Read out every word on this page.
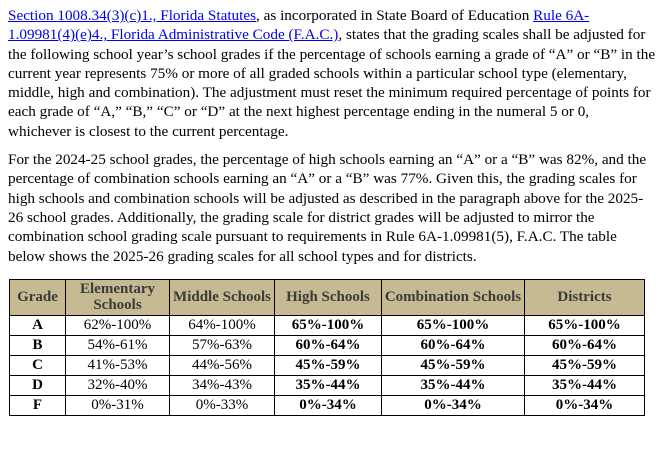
Section 1008.34(3)(c)1., Florida Statutes, as incorporated in State Board of Education Rule 6A-1.09981(4)(e)4., Florida Administrative Code (F.A.C.), states that the grading scales shall be adjusted for the following school year’s school grades if the percentage of schools earning a grade of “A” or “B” in the current year represents 75% or more of all graded schools within a particular school type (elementary, middle, high and combination). The adjustment must reset the minimum required percentage of points for each grade of “A,” “B,” “C” or “D” at the next highest percentage ending in the numeral 5 or 0, whichever is closest to the current percentage.

For the 2024-25 school grades, the percentage of high schools earning an “A” or a “B” was 82%, and the percentage of combination schools earning an “A” or a “B” was 77%. Given this, the grading scales for high schools and combination schools will be adjusted as described in the paragraph above for the 2025-26 school grades. Additionally, the grading scale for district grades will be adjusted to mirror the combination school grading scale pursuant to requirements in Rule 6A-1.09981(5), F.A.C. The table below shows the 2025-26 grading scales for all school types and for districts.

Grade	Elementary Schools	Middle Schools	High Schools	Combination Schools	Districts
A	62%-100%	64%-100%	65%-100%	65%-100%	65%-100%
B	54%-61%	57%-63%	60%-64%	60%-64%	60%-64%
C	41%-53%	44%-56%	45%-59%	45%-59%	45%-59%
D	32%-40%	34%-43%	35%-44%	35%-44%	35%-44%
F	0%-31%	0%-33%	0%-34%	0%-34%	0%-34%
